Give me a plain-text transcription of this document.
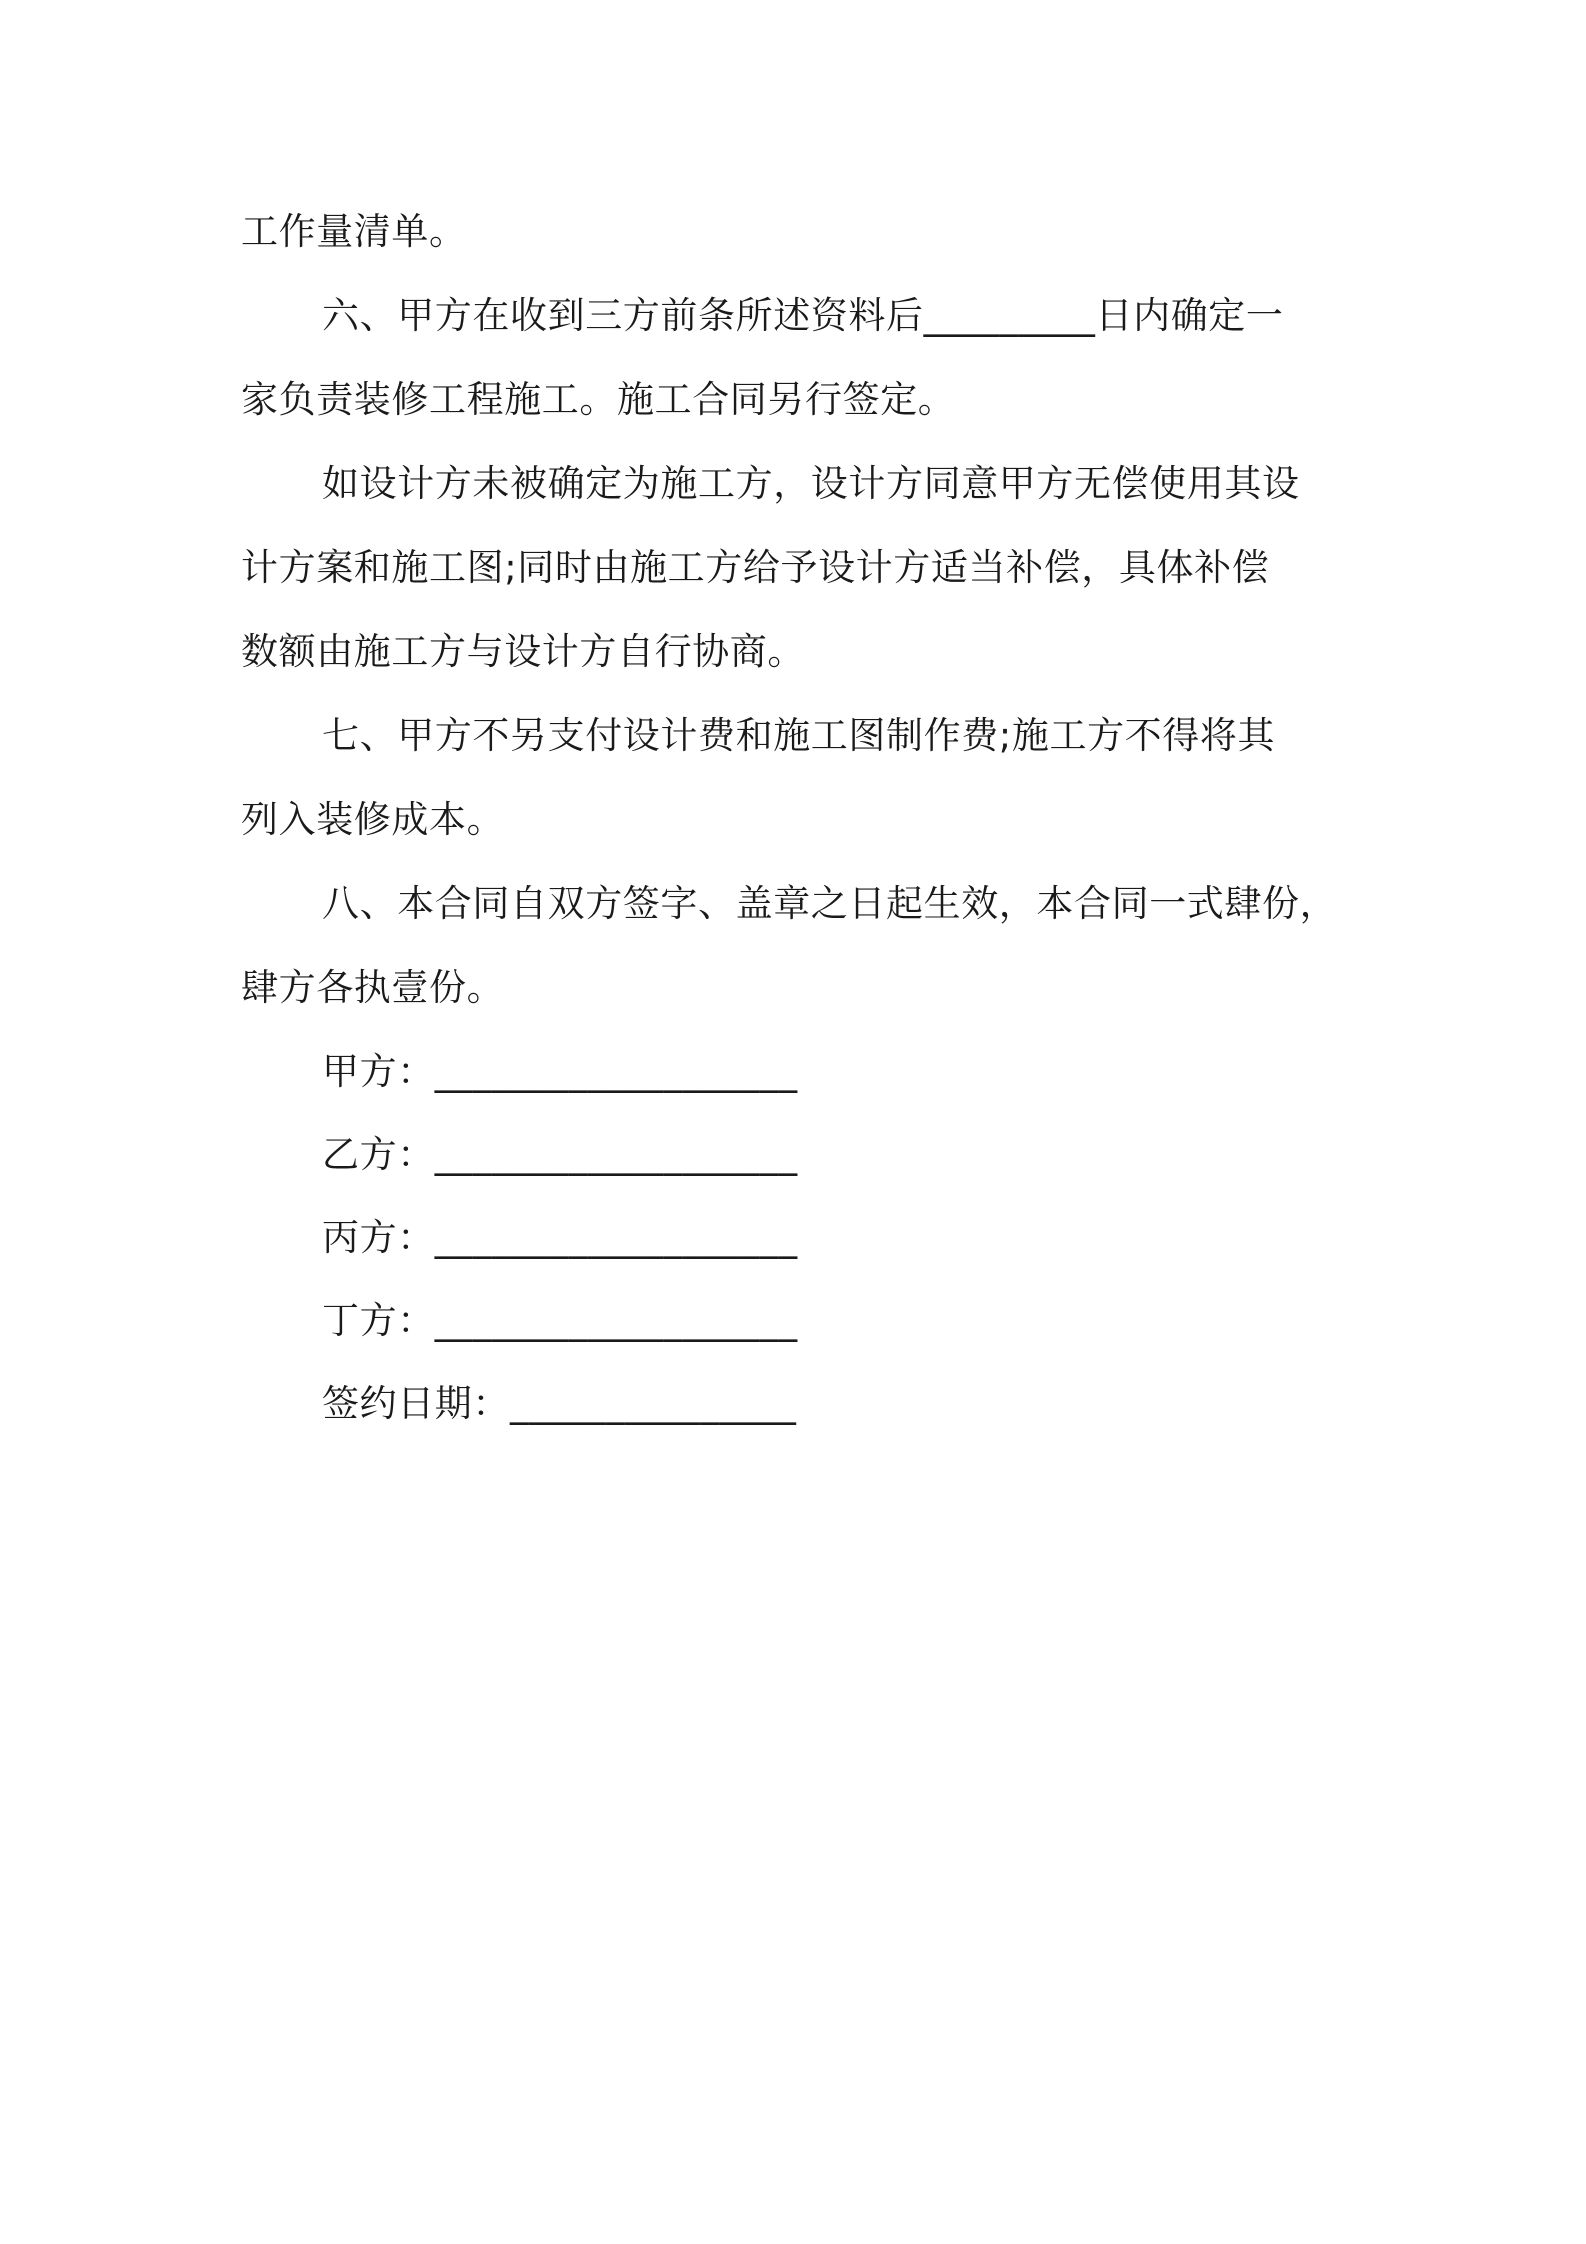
工作量清单。
六、甲方在收到三方前条所述资料后_________日内确定一
家负责装修工程施工。施工合同另行签定。
如设计方未被确定为施工方，设计方同意甲方无偿使用其设
计方案和施工图;同时由施工方给予设计方适当补偿，具体补偿
数额由施工方与设计方自行协商。
七、甲方不另支付设计费和施工图制作费;施工方不得将其
列入装修成本。
八、本合同自双方签字、盖章之日起生效，本合同一式肆份，
肆方各执壹份。
甲方：___________________
乙方：___________________
丙方：___________________
丁方：___________________
签约日期：_______________
